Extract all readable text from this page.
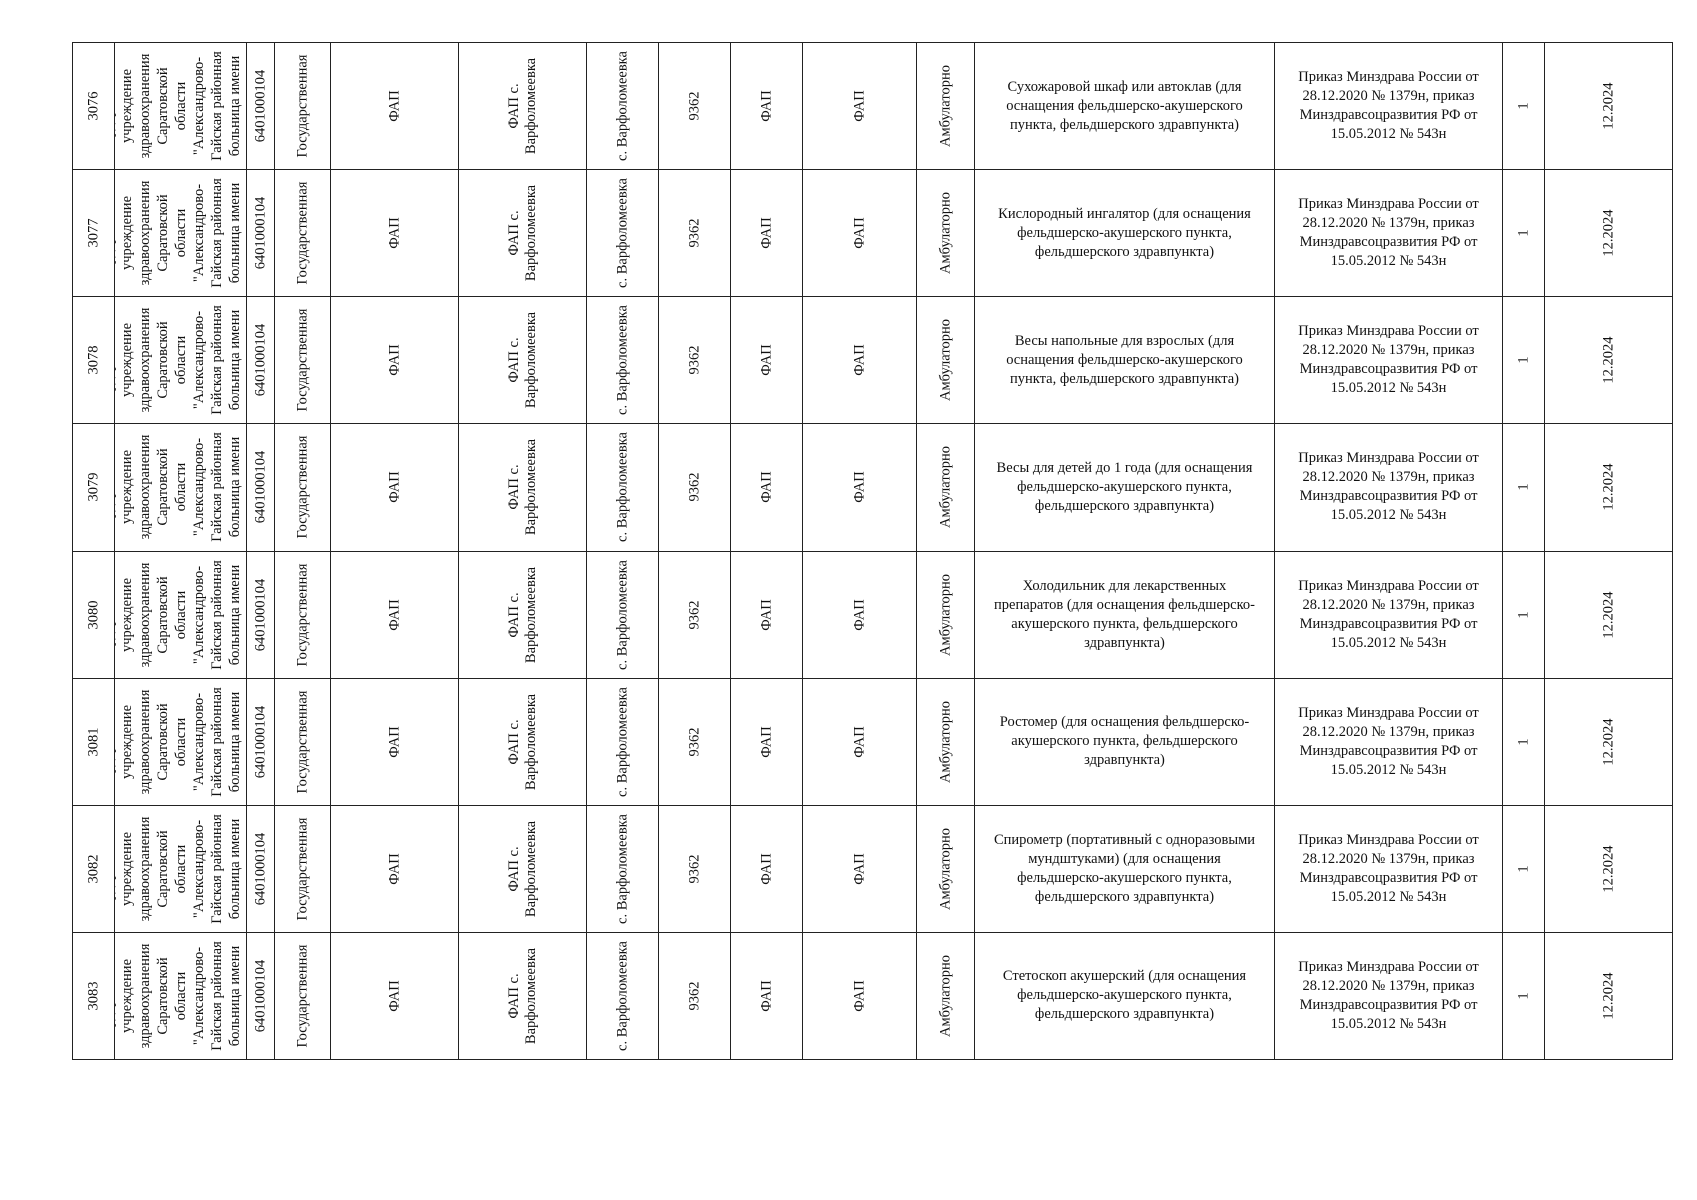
3076	Государственное учреждение здравоохранения Саратовской области "Александрово-Гайская районная больница имени В.П. Дурнова"	6401000104	Государственная	ФАП	ФАП с. Варфоломеевка	с. Варфоломеевка	9362	ФАП	ФАП	Амбулаторно	Сухожаровой шкаф или автоклав (для оснащения фельдшерско-акушерского пункта, фельдшерского здравпункта)	Приказ Минздрава России от 28.12.2020 № 1379н, приказ Минздравсоцразвития РФ от 15.05.2012 № 543н	1	12.2024

3077	Государственное учреждение здравоохранения Саратовской области "Александрово-Гайская районная больница имени В.П. Дурнова"	6401000104	Государственная	ФАП	ФАП с. Варфоломеевка	с. Варфоломеевка	9362	ФАП	ФАП	Амбулаторно	Кислородный ингалятор (для оснащения фельдшерско-акушерского пункта, фельдшерского здравпункта)	Приказ Минздрава России от 28.12.2020 № 1379н, приказ Минздравсоцразвития РФ от 15.05.2012 № 543н	1	12.2024

3078	Государственное учреждение здравоохранения Саратовской области "Александрово-Гайская районная больница имени В.П. Дурнова"	6401000104	Государственная	ФАП	ФАП с. Варфоломеевка	с. Варфоломеевка	9362	ФАП	ФАП	Амбулаторно	Весы напольные для взрослых (для оснащения фельдшерско-акушерского пункта, фельдшерского здравпункта)	Приказ Минздрава России от 28.12.2020 № 1379н, приказ Минздравсоцразвития РФ от 15.05.2012 № 543н	1	12.2024

3079	Государственное учреждение здравоохранения Саратовской области "Александрово-Гайская районная больница имени В.П. Дурнова"	6401000104	Государственная	ФАП	ФАП с. Варфоломеевка	с. Варфоломеевка	9362	ФАП	ФАП	Амбулаторно	Весы для детей до 1 года (для оснащения фельдшерско-акушерского пункта, фельдшерского здравпункта)	Приказ Минздрава России от 28.12.2020 № 1379н, приказ Минздравсоцразвития РФ от 15.05.2012 № 543н	1	12.2024

3080	Государственное учреждение здравоохранения Саратовской области "Александрово-Гайская районная больница имени В.П. Дурнова"	6401000104	Государственная	ФАП	ФАП с. Варфоломеевка	с. Варфоломеевка	9362	ФАП	ФАП	Амбулаторно	Холодильник для лекарственных препаратов (для оснащения фельдшерско-акушерского пункта, фельдшерского здравпункта)	Приказ Минздрава России от 28.12.2020 № 1379н, приказ Минздравсоцразвития РФ от 15.05.2012 № 543н	1	12.2024

3081	Государственное учреждение здравоохранения Саратовской области "Александрово-Гайская районная больница имени В.П. Дурнова"	6401000104	Государственная	ФАП	ФАП с. Варфоломеевка	с. Варфоломеевка	9362	ФАП	ФАП	Амбулаторно	Ростомер (для оснащения фельдшерско-акушерского пункта, фельдшерского здравпункта)	Приказ Минздрава России от 28.12.2020 № 1379н, приказ Минздравсоцразвития РФ от 15.05.2012 № 543н	1	12.2024

3082	Государственное учреждение здравоохранения Саратовской области "Александрово-Гайская районная больница имени В.П. Дурнова"	6401000104	Государственная	ФАП	ФАП с. Варфоломеевка	с. Варфоломеевка	9362	ФАП	ФАП	Амбулаторно	Спирометр (портативный с одноразовыми мундштуками) (для оснащения фельдшерско-акушерского пункта, фельдшерского здравпункта)	Приказ Минздрава России от 28.12.2020 № 1379н, приказ Минздравсоцразвития РФ от 15.05.2012 № 543н	1	12.2024

3083	Государственное учреждение здравоохранения Саратовской области "Александрово-Гайская районная больница имени В.П. Дурнова"	6401000104	Государственная	ФАП	ФАП с. Варфоломеевка	с. Варфоломеевка	9362	ФАП	ФАП	Амбулаторно	Стетоскоп акушерский (для оснащения фельдшерско-акушерского пункта, фельдшерского здравпункта)	Приказ Минздрава России от 28.12.2020 № 1379н, приказ Минздравсоцразвития РФ от 15.05.2012 № 543н	1	12.2024
